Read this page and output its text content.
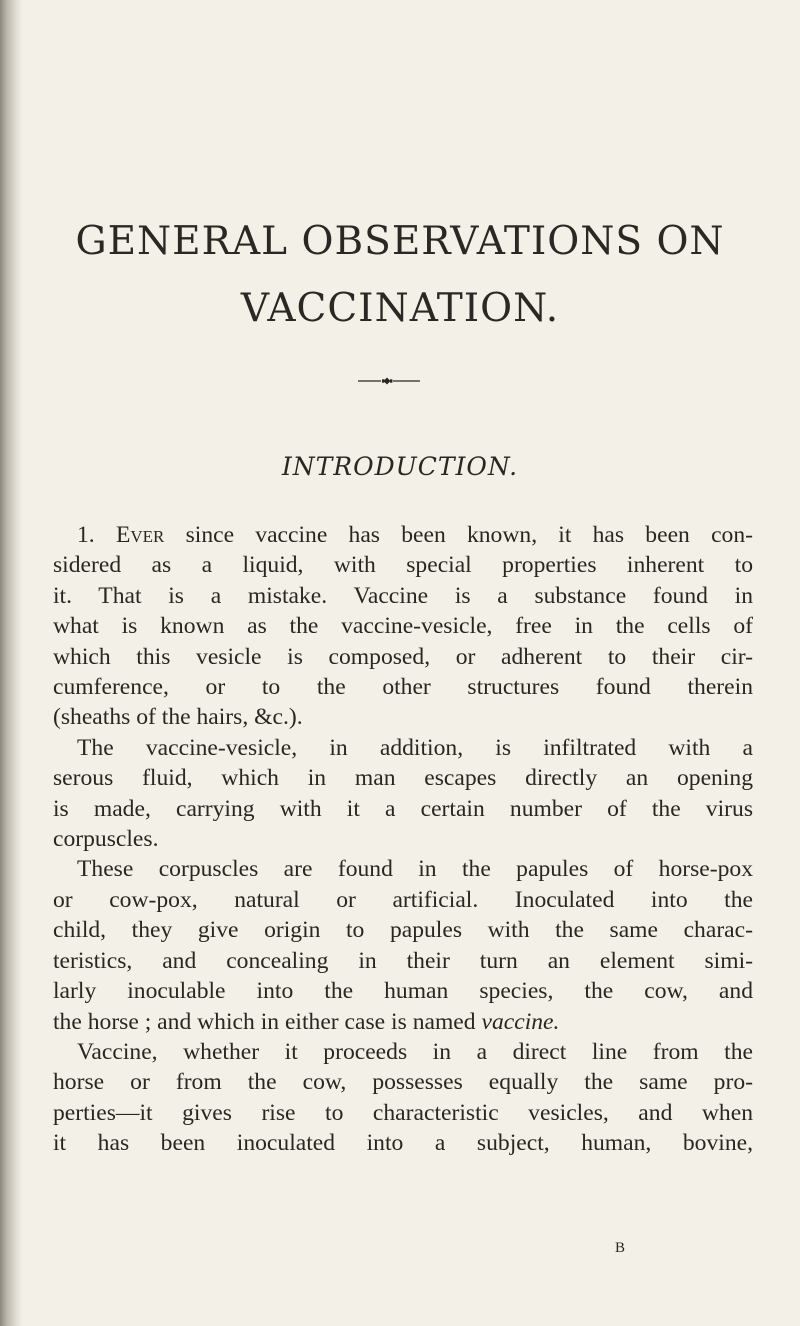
GENERAL OBSERVATIONS ON
VACCINATION.
INTRODUCTION.
1. Ever since vaccine has been known, it has been con-
sidered as a liquid, with special properties inherent to
it. That is a mistake. Vaccine is a substance found in
what is known as the vaccine-vesicle, free in the cells of
which this vesicle is composed, or adherent to their cir-
cumference, or to the other structures found therein
(sheaths of the hairs, &c.).
The vaccine-vesicle, in addition, is infiltrated with a
serous fluid, which in man escapes directly an opening
is made, carrying with it a certain number of the virus
corpuscles.
These corpuscles are found in the papules of horse-pox
or cow-pox, natural or artificial. Inoculated into the
child, they give origin to papules with the same charac-
teristics, and concealing in their turn an element simi-
larly inoculable into the human species, the cow, and
the horse ; and which in either case is named vaccine.
Vaccine, whether it proceeds in a direct line from the
horse or from the cow, possesses equally the same pro-
perties—it gives rise to characteristic vesicles, and when
it has been inoculated into a subject, human, bovine,
B
